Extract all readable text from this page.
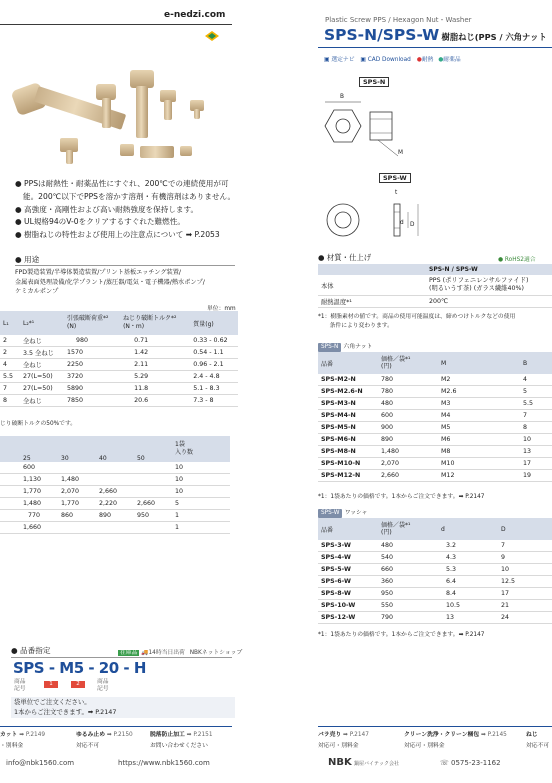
e-nedzi.com
● PPSは耐熱性・耐薬品性にすぐれ、200℃での連続使用が可
能。200℃以下でPPSを溶かす溶剤・有機溶剤はありません。
● 高強度・高剛性および高い耐熱強度を保持します。
● UL規格94のV-0をクリアするすぐれた難燃性。
● 樹脂ねじの特性および使用上の注意点について ➡ P.2053
● 用途
FPD製造装置/半導体製造装置/プリント基板エッチング装置/
金属表面処理設備/化学プラント/蒸圧器/電気・電子機器/熱水ポンプ/
ケミカルポンプ
単位：mm
L₁	L₂*¹	引張破断荷重*²
(N)	ねじり破断トルク*²
(N・m)	質量(g)
2	全ねじ	980	0.71	0.33 - 0.62
2	3.5 全ねじ	1570	1.42	0.54 - 1.1
4	全ねじ	2250	2.11	0.96 - 2.1
5.5	27(L=50)	3720	5.29	2.4 - 4.8
7	27(L=50)	5890	11.8	5.1 - 8.3
8	全ねじ	7850	20.6	7.3 - 8
じり破断トルクの50%です。
	25	30	40	50	1袋
入り数
	600				10
	1,130	1,480			10
	1,770	2,070	2,660		10
	1,480	1,770	2,220	2,660	5
	770	860	890	950	1
	1,660				1
● 品番指定	在庫品 🚚14時当日出荷 NBKネットショップ
SPS - M5 - 20 - H
商品
記号
1	2	商品
記号
袋単位でご注文ください。
1本からご注文できます。➡ P.2147
カット ➡ P.2149
・別料金
ゆるみ止め ➡ P.2150
対応不可
脱落防止加工 ➡ P.2151
お問い合わせください
info@nbk1560.com	https://www.nbk1560.com
Plastic Screw PPS / Hexagon Nut・Washer
SPS-N/SPS-W 樹脂ねじ(PPS / 六角ナット
▣ 選定ナビ ▣ CAD Download ●耐熱 ●耐薬品
SPS-N
B
M
SPS-W
t
d D
● 材質・仕上げ	● RoHS2適合
	SPS-N / SPS-W
本体	PPS (ポリフェニレンサルファイド)
(明るいうす茶) (ガラス繊維40%)
耐熱温度*¹	200℃
*1：樹脂素材の値です。商品の使用可能温度は、締めつけトルクなどの使用
　　条件により変わります。
SPS-N 六角ナット
品番	価格／袋*¹
(円)	M	B
SPS-M2-N	780	M2	4
SPS-M2.6-N	780	M2.6	5
SPS-M3-N	480	M3	5.5
SPS-M4-N	600	M4	7
SPS-M5-N	900	M5	8
SPS-M6-N	890	M6	10
SPS-M8-N	1,480	M8	13
SPS-M10-N	2,070	M10	17
SPS-M12-N	2,660	M12	19
*1：1袋あたりの価格です。1本からご注文できます。➡ P.2147
SPS-W ワッシャ
品番	価格／袋*¹
(円)	d	D
SPS-3-W	480	3.2	7
SPS-4-W	540	4.3	9
SPS-5-W	660	5.3	10
SPS-6-W	360	6.4	12.5
SPS-8-W	950	8.4	17
SPS-10-W	550	10.5	21
SPS-12-W	790	13	24
*1：1袋あたりの価格です。1本からご注文できます。➡ P.2147
バラ売り ➡ P.2147
対応可・別料金
クリーン洗浄・クリーン梱包 ➡ P.2145
対応可・別料金
ねじ
対応不可
NBK 鍋屋バイテック会社	☏ 0575-23-1162
